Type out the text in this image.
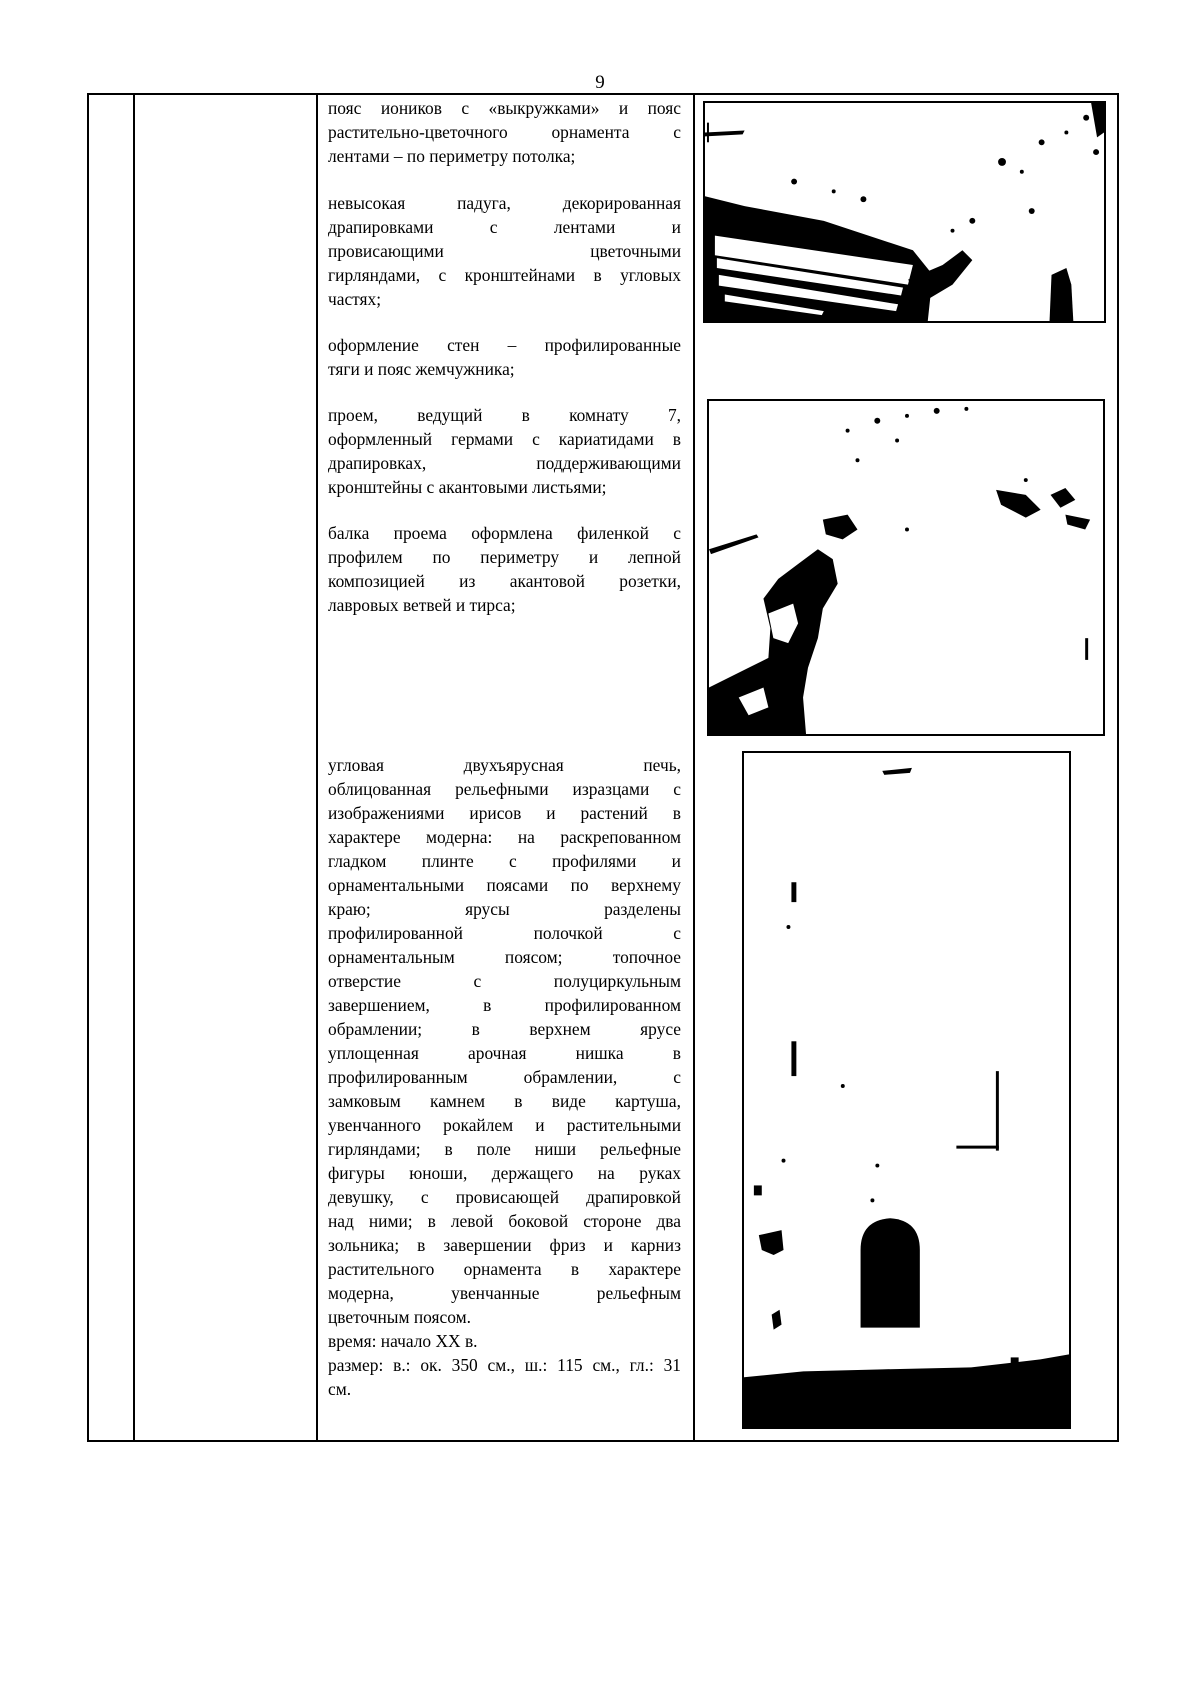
9
пояс иоников с «выкружками» и пояс
растительно-цветочного орнамента с
лентами – по периметру потолка;
невысокая падуга, декорированная
драпировками с лентами и
провисающими цветочными
гирляндами, с кронштейнами в угловых
частях;
оформление стен – профилированные
тяги и пояс жемчужника;
проем, ведущий в комнату 7,
оформленный гермами с кариатидами в
драпировках, поддерживающими
кронштейны с акантовыми листьями;
балка проема оформлена филенкой с
профилем по периметру и лепной
композицией из акантовой розетки,
лавровых ветвей и тирса;
угловая двухъярусная печь,
облицованная рельефными изразцами с
изображениями ирисов и растений в
характере модерна: на раскрепованном
гладком плинте с профилями и
орнаментальными поясами по верхнему
краю; ярусы разделены
профилированной полочкой с
орнаментальным поясом; топочное
отверстие с полуциркульным
завершением, в профилированном
обрамлении; в верхнем ярусе
уплощенная арочная нишка в
профилированным обрамлении, с
замковым камнем в виде картуша,
увенчанного рокайлем и растительными
гирляндами; в поле ниши рельефные
фигуры юноши, держащего на руках
девушку, с провисающей драпировкой
над ними; в левой боковой стороне два
зольника; в завершении фриз и карниз
растительного орнамента в характере
модерна, увенчанные рельефным
цветочным поясом.
время: начало XX в.
размер: в.: ок. 350 см., ш.: 115 см., гл.: 31
см.
